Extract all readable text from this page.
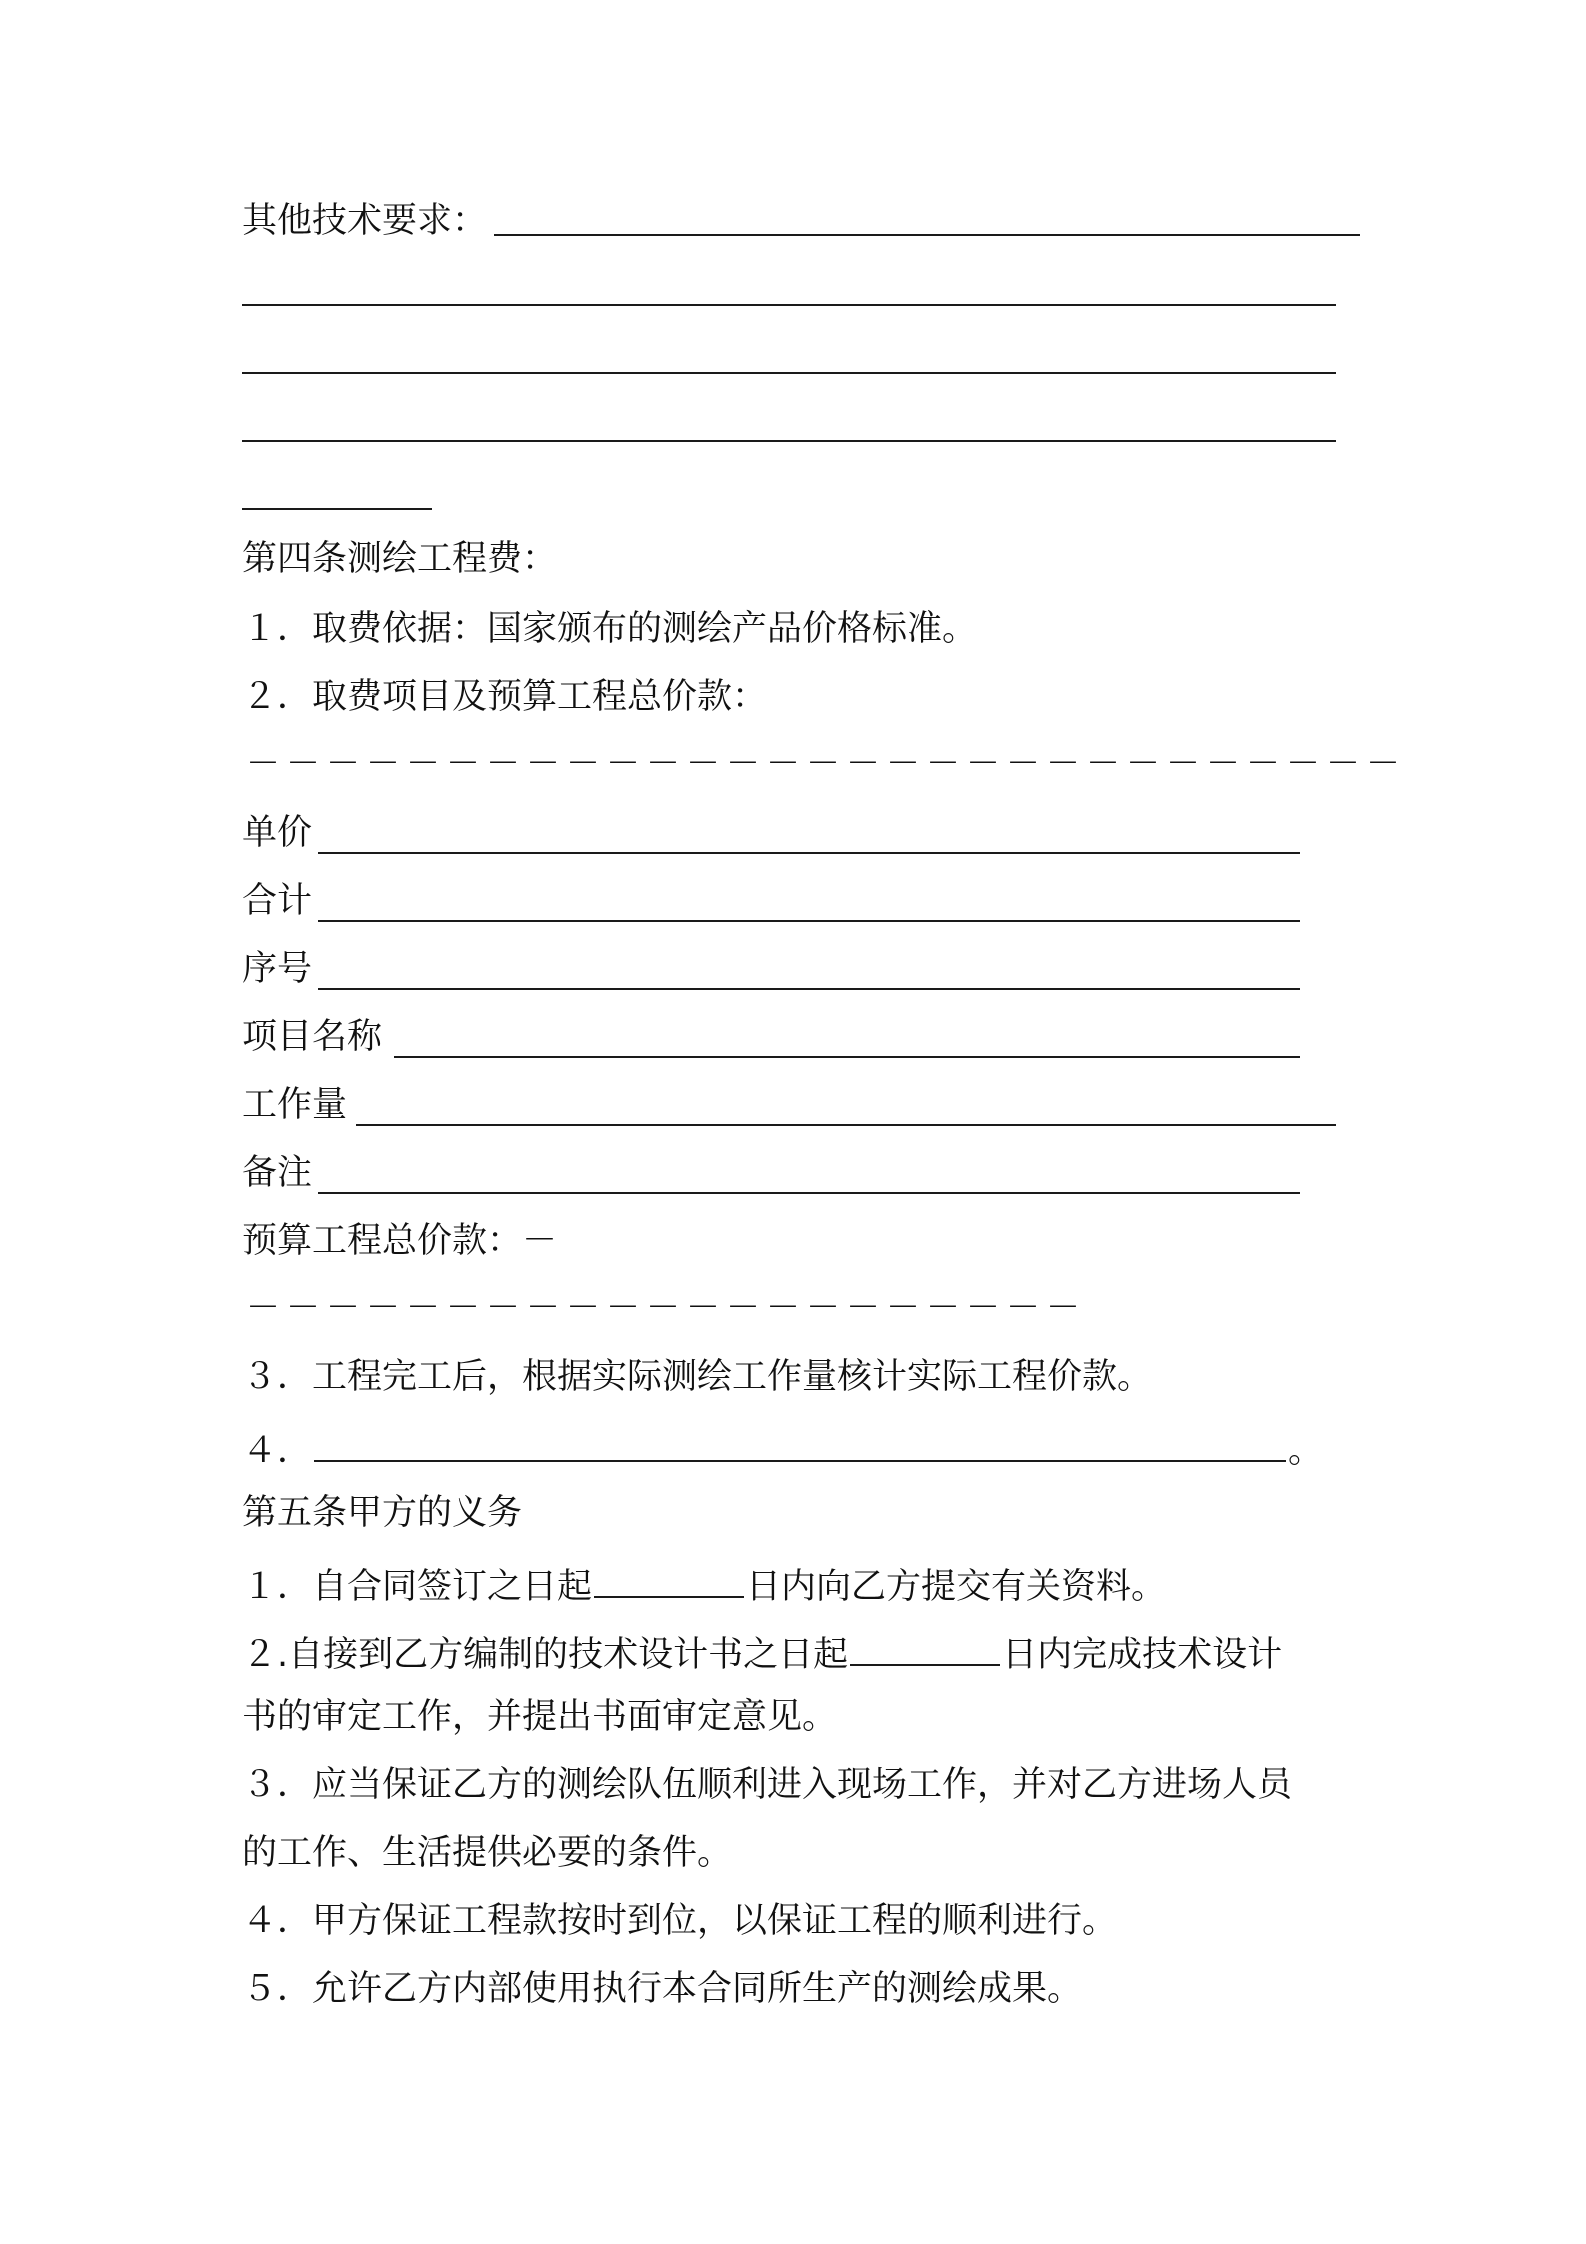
其他技术要求：
第四条测绘工程费：
１．取费依据：国家颁布的测绘产品价格标准。
２．取费项目及预算工程总价款：
－－－－－－－－－－－－－－－－－－－－－－－－－－－－－
单价
合计
序号
项目名称
工作量
备注
预算工程总价款：－
－－－－－－－－－－－－－－－－－－－－－
３．工程完工后，根据实际测绘工作量核计实际工程价款。
４．	。
第五条甲方的义务
１．自合同签订之日起	日内向乙方提交有关资料。
２.自接到乙方编制的技术设计书之日起	日内完成技术设计
书的审定工作，并提出书面审定意见。
３．应当保证乙方的测绘队伍顺利进入现场工作，并对乙方进场人员
的工作、生活提供必要的条件。
４．甲方保证工程款按时到位，以保证工程的顺利进行。
５．允许乙方内部使用执行本合同所生产的测绘成果。
